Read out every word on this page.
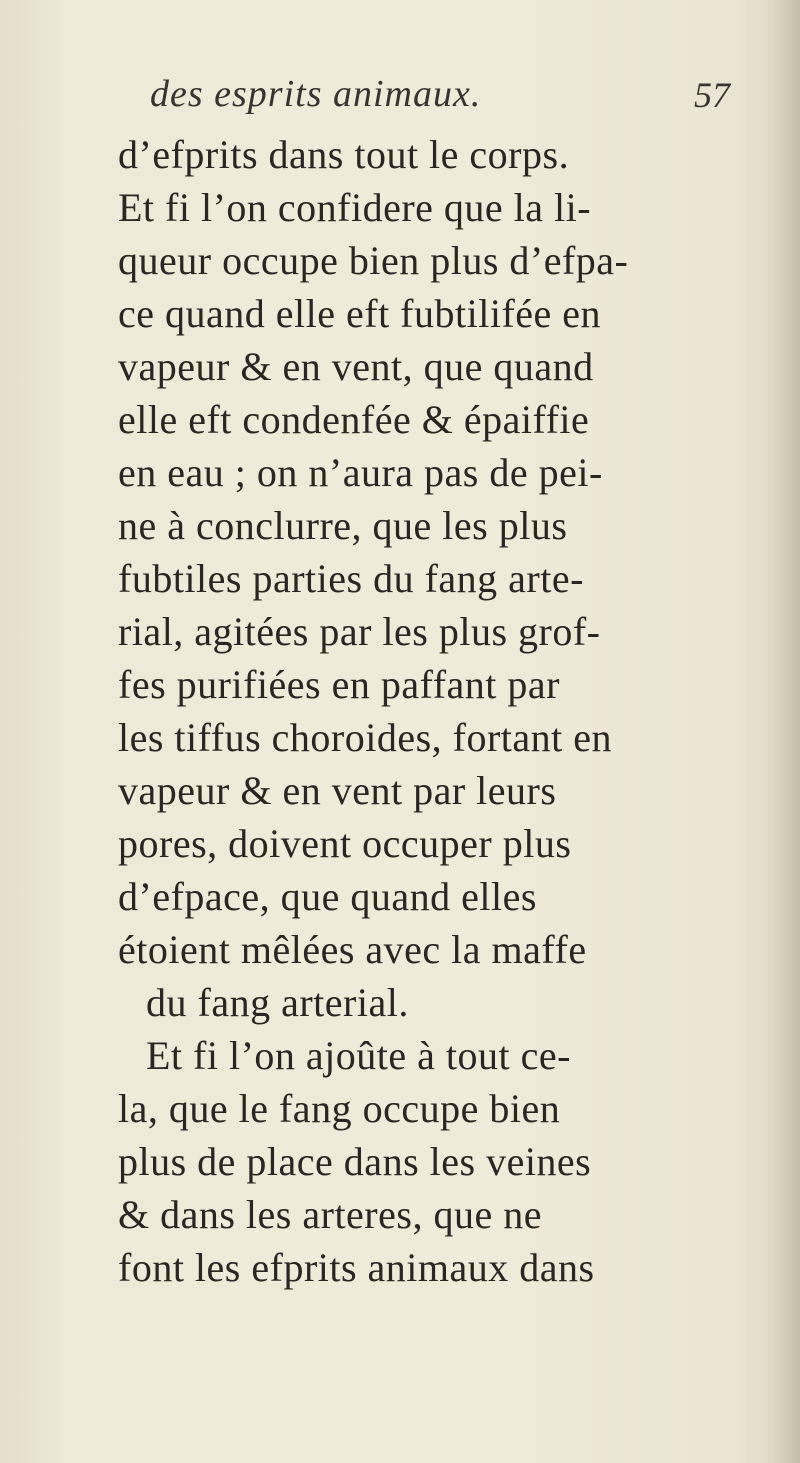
des esprits animaux.	57
d’efprits dans tout le corps.
Et fi l’on confidere que la li-
queur occupe bien plus d’efpa-
ce quand elle eft fubtilifée en
vapeur & en vent, que quand
elle eft condenfée & épaiffie
en eau ; on n’aura pas de pei-
ne à conclurre, que les plus
fubtiles parties du fang arte-
rial, agitées par les plus grof-
fes purifiées en paffant par
les tiffus choroides, fortant en
vapeur & en vent par leurs
pores, doivent occuper plus
d’efpace, que quand elles
étoient mêlées avec la maffe
du fang arterial.
Et fi l’on ajoûte à tout ce-
la, que le fang occupe bien
plus de place dans les veines
& dans les arteres, que ne
font les efprits animaux dans
